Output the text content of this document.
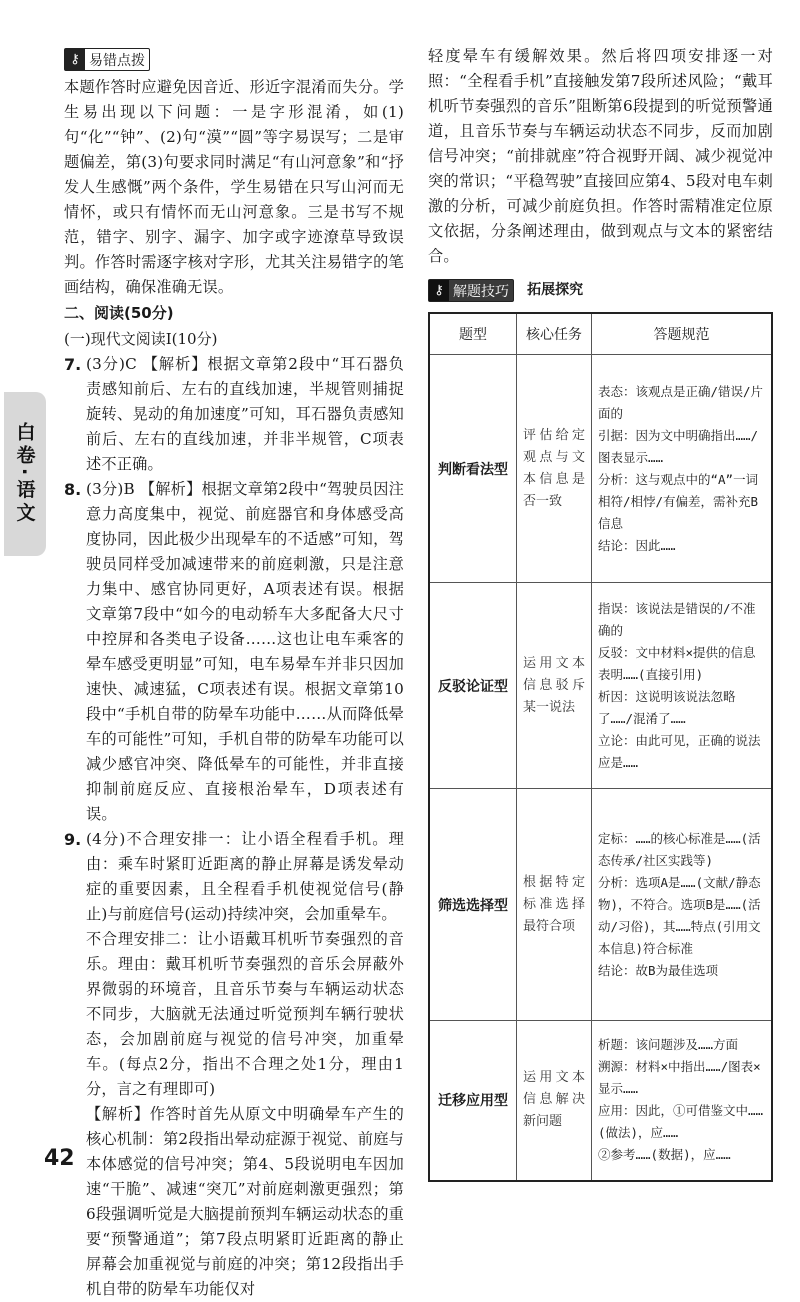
⚷ 易错点拨

本题作答时应避免因音近、形近字混淆而失分。学生易出现以下问题：一是字形混淆，如(1)句“化”“钟”、(2)句“漠”“圆”等字易误写；二是审题偏差，第(3)句要求同时满足“有山河意象”和“抒发人生感慨”两个条件，学生易错在只写山河而无情怀，或只有情怀而无山河意象。三是书写不规范，错字、别字、漏字、加字或字迹潦草导致误判。作答时需逐字核对字形，尤其关注易错字的笔画结构，确保准确无误。

二、阅读(50分)
(一)现代文阅读Ⅰ(10分)
7. (3分)C 【解析】根据文章第2段中“耳石器负责感知前后、左右的直线加速，半规管则捕捉旋转、晃动的角加速度”可知，耳石器负责感知前后、左右的直线加速，并非半规管，C项表述不正确。

8. (3分)B 【解析】根据文章第2段中“驾驶员因注意力高度集中，视觉、前庭器官和身体感受高度协同，因此极少出现晕车的不适感”可知，驾驶员同样受加减速带来的前庭刺激，只是注意力集中、感官协同更好，A项表述有误。根据文章第7段中“如今的电动轿车大多配备大尺寸中控屏和各类电子设备……这也让电车乘客的晕车感受更明显”可知，电车易晕车并非只因加速快、减速猛，C项表述有误。根据文章第10段中“手机自带的防晕车功能中……从而降低晕车的可能性”可知，手机自带的防晕车功能可以减少感官冲突、降低晕车的可能性，并非直接抑制前庭反应、直接根治晕车，D项表述有误。

9. (4分)不合理安排一：让小语全程看手机。理由：乘车时紧盯近距离的静止屏幕是诱发晕动症的重要因素，且全程看手机使视觉信号(静止)与前庭信号(运动)持续冲突，会加重晕车。

不合理安排二：让小语戴耳机听节奏强烈的音乐。理由：戴耳机听节奏强烈的音乐会屏蔽外界微弱的环境音，且音乐节奏与车辆运动状态不同步，大脑就无法通过听觉预判车辆行驶状态，会加剧前庭与视觉的信号冲突，加重晕车。(每点2分，指出不合理之处1分，理由1分，言之有理即可)

【解析】作答时首先从原文中明确晕车产生的核心机制：第2段指出晕动症源于视觉、前庭与本体感觉的信号冲突；第4、5段说明电车因加速“干脆”、减速“突兀”对前庭刺激更强烈；第6段强调听觉是大脑提前预判车辆运动状态的重要“预警通道”；第7段点明紧盯近距离的静止屏幕会加重视觉与前庭的冲突；第12段指出手机自带的防晕车功能仅对

白卷·语文

轻度晕车有缓解效果。然后将四项安排逐一对照：“全程看手机”直接触发第7段所述风险；“戴耳机听节奏强烈的音乐”阻断第6段提到的听觉预警通道，且音乐节奏与车辆运动状态不同步，反而加剧信号冲突；“前排就座”符合视野开阔、减少视觉冲突的常识；“平稳驾驶”直接回应第4、5段对电车刺激的分析，可减少前庭负担。作答时需精准定位原文依据，分条阐述理由，做到观点与文本的紧密结合。

⚷ 解题技巧 拓展探究
题型	核心任务	答题规范
判断看法型	评估给定观点与文本信息是否一致	表态：该观点是正确/错误/片面的
引据：因为文中明确指出……/图表显示……
分析：这与观点中的“A”一词相符/相悖/有偏差，需补充B信息
结论：因此……

反驳论证型	运用文本信息驳斥某一说法	指误：该说法是错误的/不准确的
反驳：文中材料×提供的信息表明……(直接引用)
析因：这说明该说法忽略了……/混淆了……
立论：由此可见，正确的说法应是……

筛选选择型	根据特定标准选择最符合项	定标：……的核心标准是……(活态传承/社区实践等)
分析：选项A是……(文献/静态物)，不符合。选项B是……(活动/习俗)，其……特点(引用文本信息)符合标准
结论：故B为最佳选项

迁移应用型	运用文本信息解决新问题	析题：该问题涉及……方面
溯源：材料×中指出……/图表×显示……
应用：因此，①可借鉴文中……(做法)，应……
②参考……(数据)，应……
42
